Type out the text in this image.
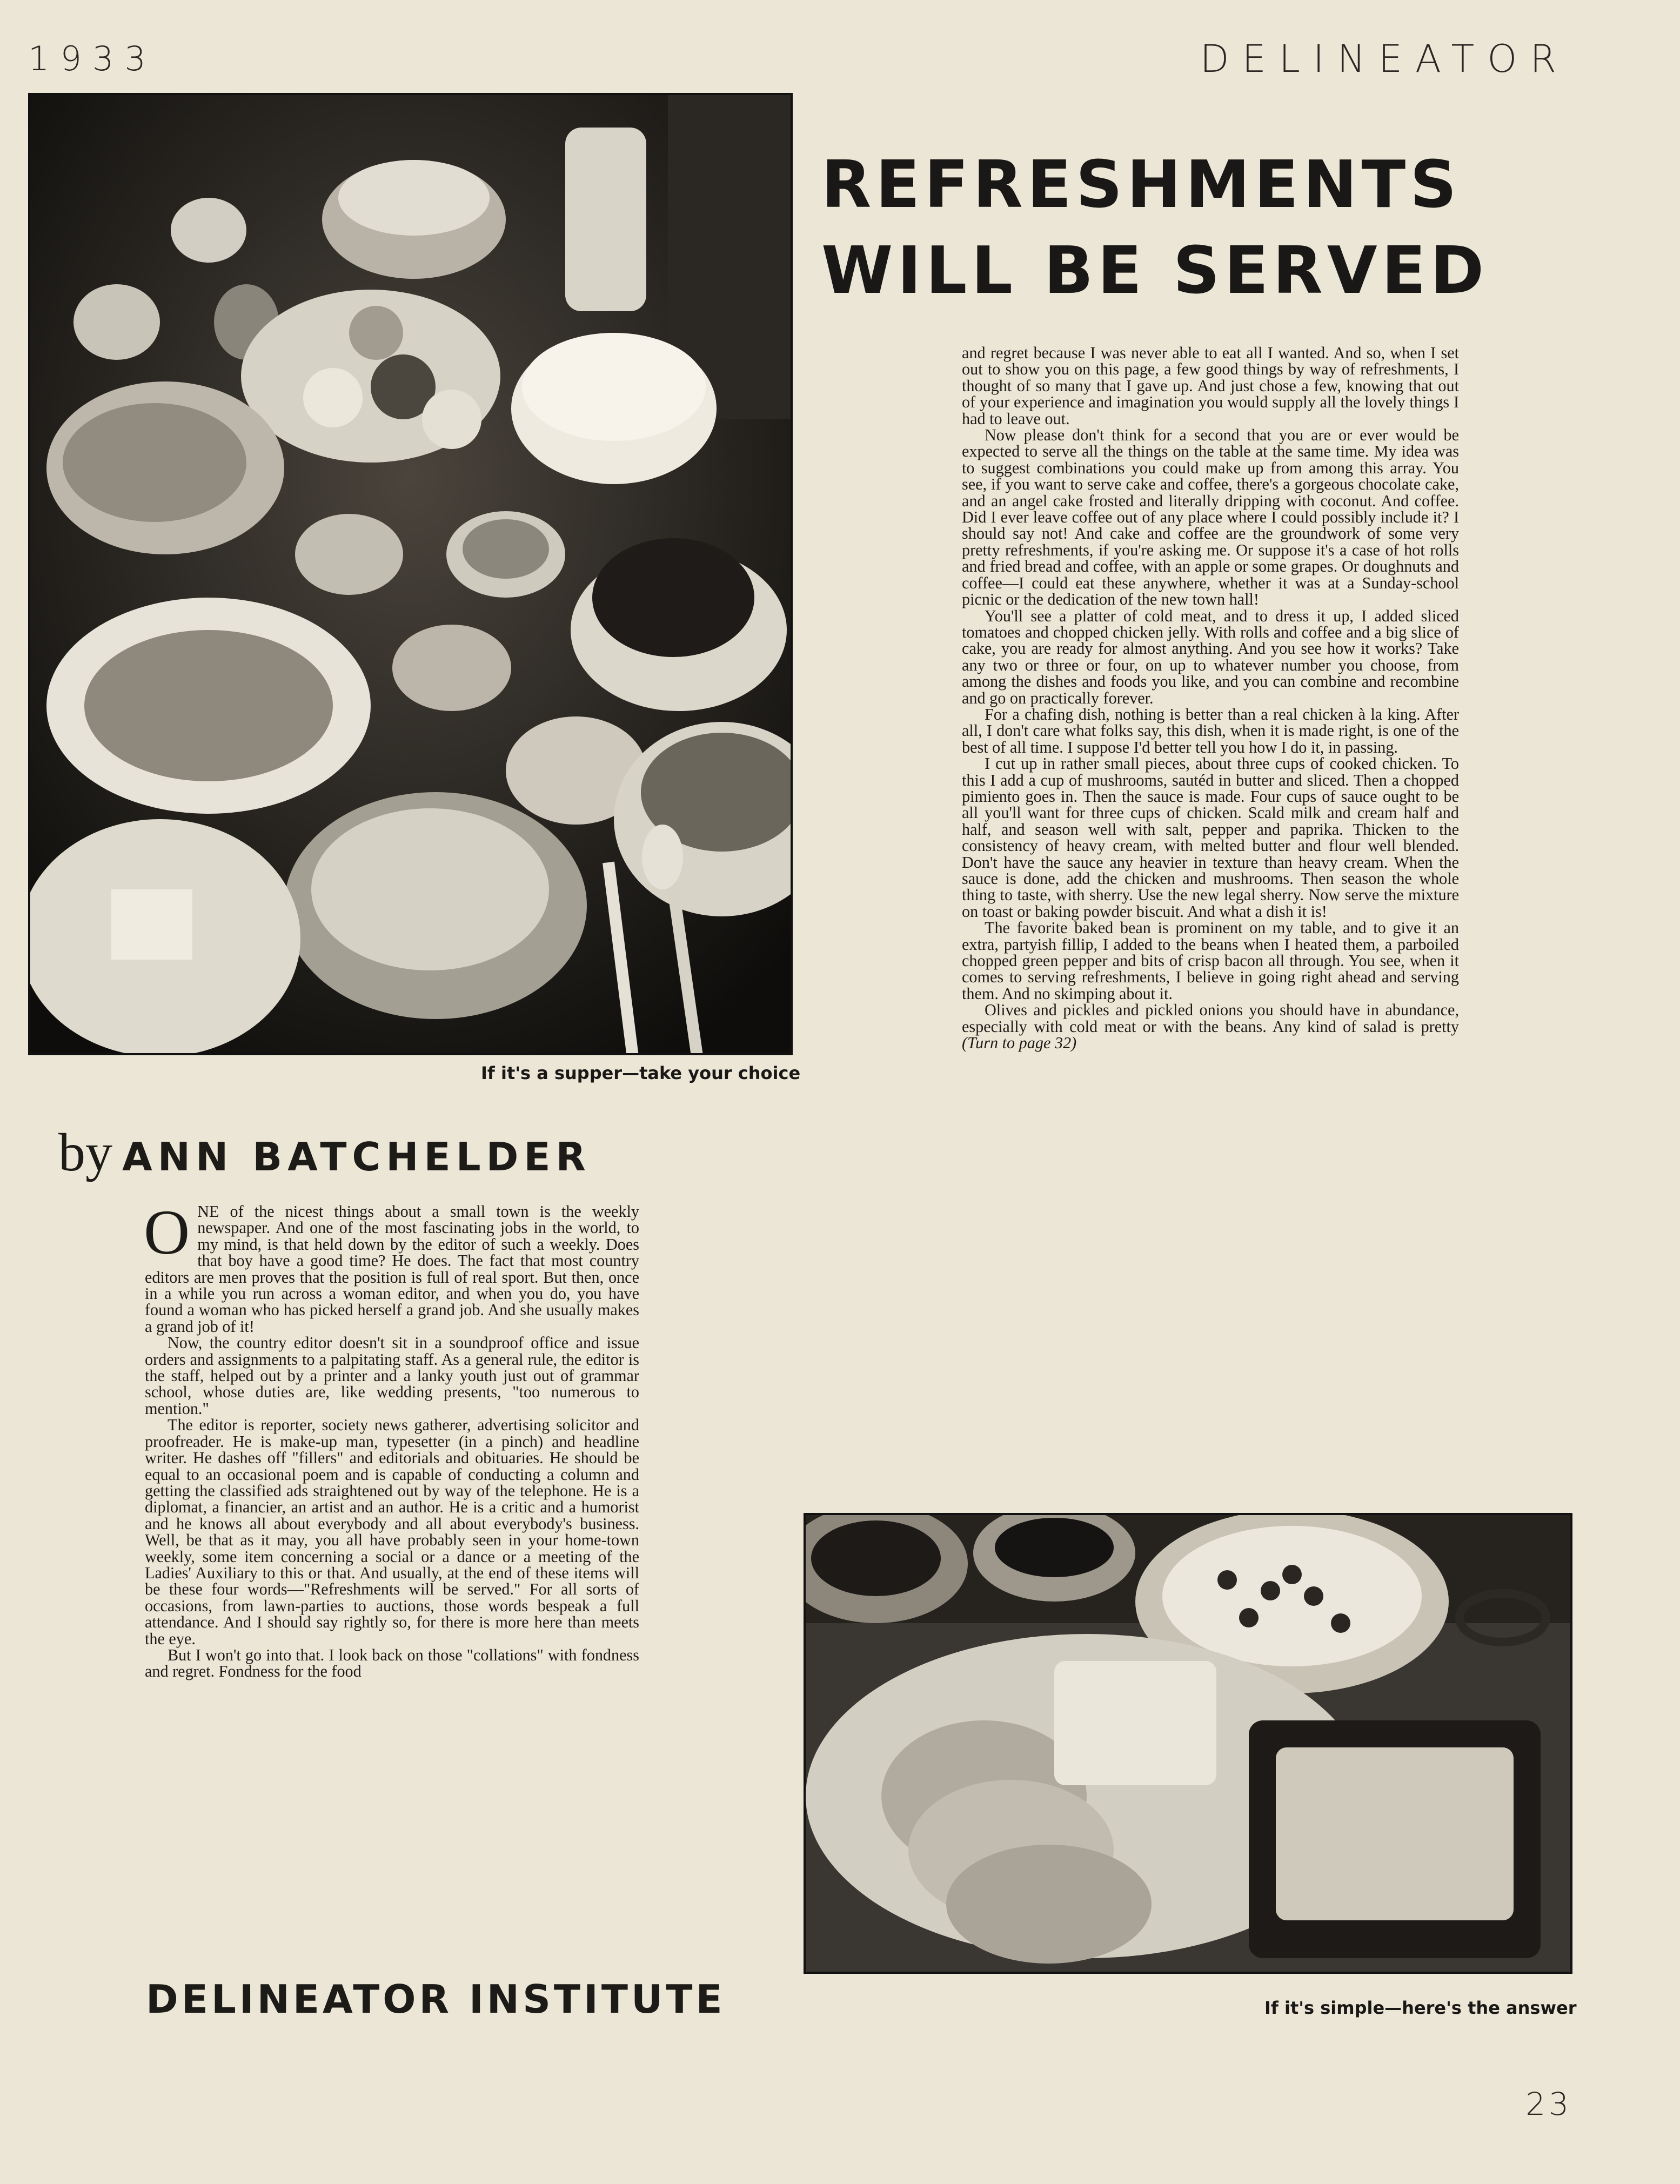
1933	DELINEATOR
If it's a supper—take your choice
REFRESHMENTS
WILL BE SERVED
by ANN BATCHELDER

ONE of the nicest things about a small town is the weekly newspaper. And one of the most fascinating jobs in the world, to my mind, is that held down by the editor of such a weekly. Does that boy have a good time? He does. The fact that most country editors are men proves that the position is full of real sport. But then, once in a while you run across a woman editor, and when you do, you have found a woman who has picked herself a grand job. And she usually makes a grand job of it!

Now, the country editor doesn't sit in a soundproof office and issue orders and assignments to a palpitating staff. As a general rule, the editor is the staff, helped out by a printer and a lanky youth just out of grammar school, whose duties are, like wedding presents, "too numerous to mention."

The editor is reporter, society news gatherer, advertising solicitor and proofreader. He is make-up man, typesetter (in a pinch) and headline writer. He dashes off "fillers" and editorials and obituaries. He should be equal to an occasional poem and is capable of conducting a column and getting the classified ads straightened out by way of the telephone. He is a diplomat, a financier, an artist and an author. He is a critic and a humorist and he knows all about everybody and all about everybody's business. Well, be that as it may, you all have probably seen in your home-town weekly, some item concerning a social or a dance or a meeting of the Ladies' Auxiliary to this or that. And usually, at the end of these items will be these four words—"Refreshments will be served." For all sorts of occasions, from lawn-parties to auctions, those words bespeak a full attendance. And I should say rightly so, for there is more here than meets the eye.

But I won't go into that. I look back on those "collations" with fondness and regret. Fondness for the food

and regret because I was never able to eat all I wanted. And so, when I set out to show you on this page, a few good things by way of refreshments, I thought of so many that I gave up. And just chose a few, knowing that out of your experience and imagination you would supply all the lovely things I had to leave out.

Now please don't think for a second that you are or ever would be expected to serve all the things on the table at the same time. My idea was to suggest combinations you could make up from among this array. You see, if you want to serve cake and coffee, there's a gorgeous chocolate cake, and an angel cake frosted and literally dripping with coconut. And coffee. Did I ever leave coffee out of any place where I could possibly include it? I should say not! And cake and coffee are the groundwork of some very pretty refreshments, if you're asking me. Or suppose it's a case of hot rolls and fried bread and coffee, with an apple or some grapes. Or doughnuts and coffee—I could eat these anywhere, whether it was at a Sunday-school picnic or the dedication of the new town hall!

You'll see a platter of cold meat, and to dress it up, I added sliced tomatoes and chopped chicken jelly. With rolls and coffee and a big slice of cake, you are ready for almost anything. And you see how it works? Take any two or three or four, on up to whatever number you choose, from among the dishes and foods you like, and you can combine and recombine and go on practically forever.

For a chafing dish, nothing is better than a real chicken à la king. After all, I don't care what folks say, this dish, when it is made right, is one of the best of all time. I suppose I'd better tell you how I do it, in passing.

I cut up in rather small pieces, about three cups of cooked chicken. To this I add a cup of mushrooms, sautéd in butter and sliced. Then a chopped pimiento goes in. Then the sauce is made. Four cups of sauce ought to be all you'll want for three cups of chicken. Scald milk and cream half and half, and season well with salt, pepper and paprika. Thicken to the consistency of heavy cream, with melted butter and flour well blended. Don't have the sauce any heavier in texture than heavy cream. When the sauce is done, add the chicken and mushrooms. Then season the whole thing to taste, with sherry. Use the new legal sherry. Now serve the mixture on toast or baking powder biscuit. And what a dish it is!

The favorite baked bean is prominent on my table, and to give it an extra, partyish fillip, I added to the beans when I heated them, a parboiled chopped green pepper and bits of crisp bacon all through. You see, when it comes to serving refreshments, I believe in going right ahead and serving them. And no skimping about it.

Olives and pickles and pickled onions you should have in abundance, especially with cold meat or with the beans. Any kind of salad is pretty (Turn to page 32)

If it's simple—here's the answer
DELINEATOR INSTITUTE
23
